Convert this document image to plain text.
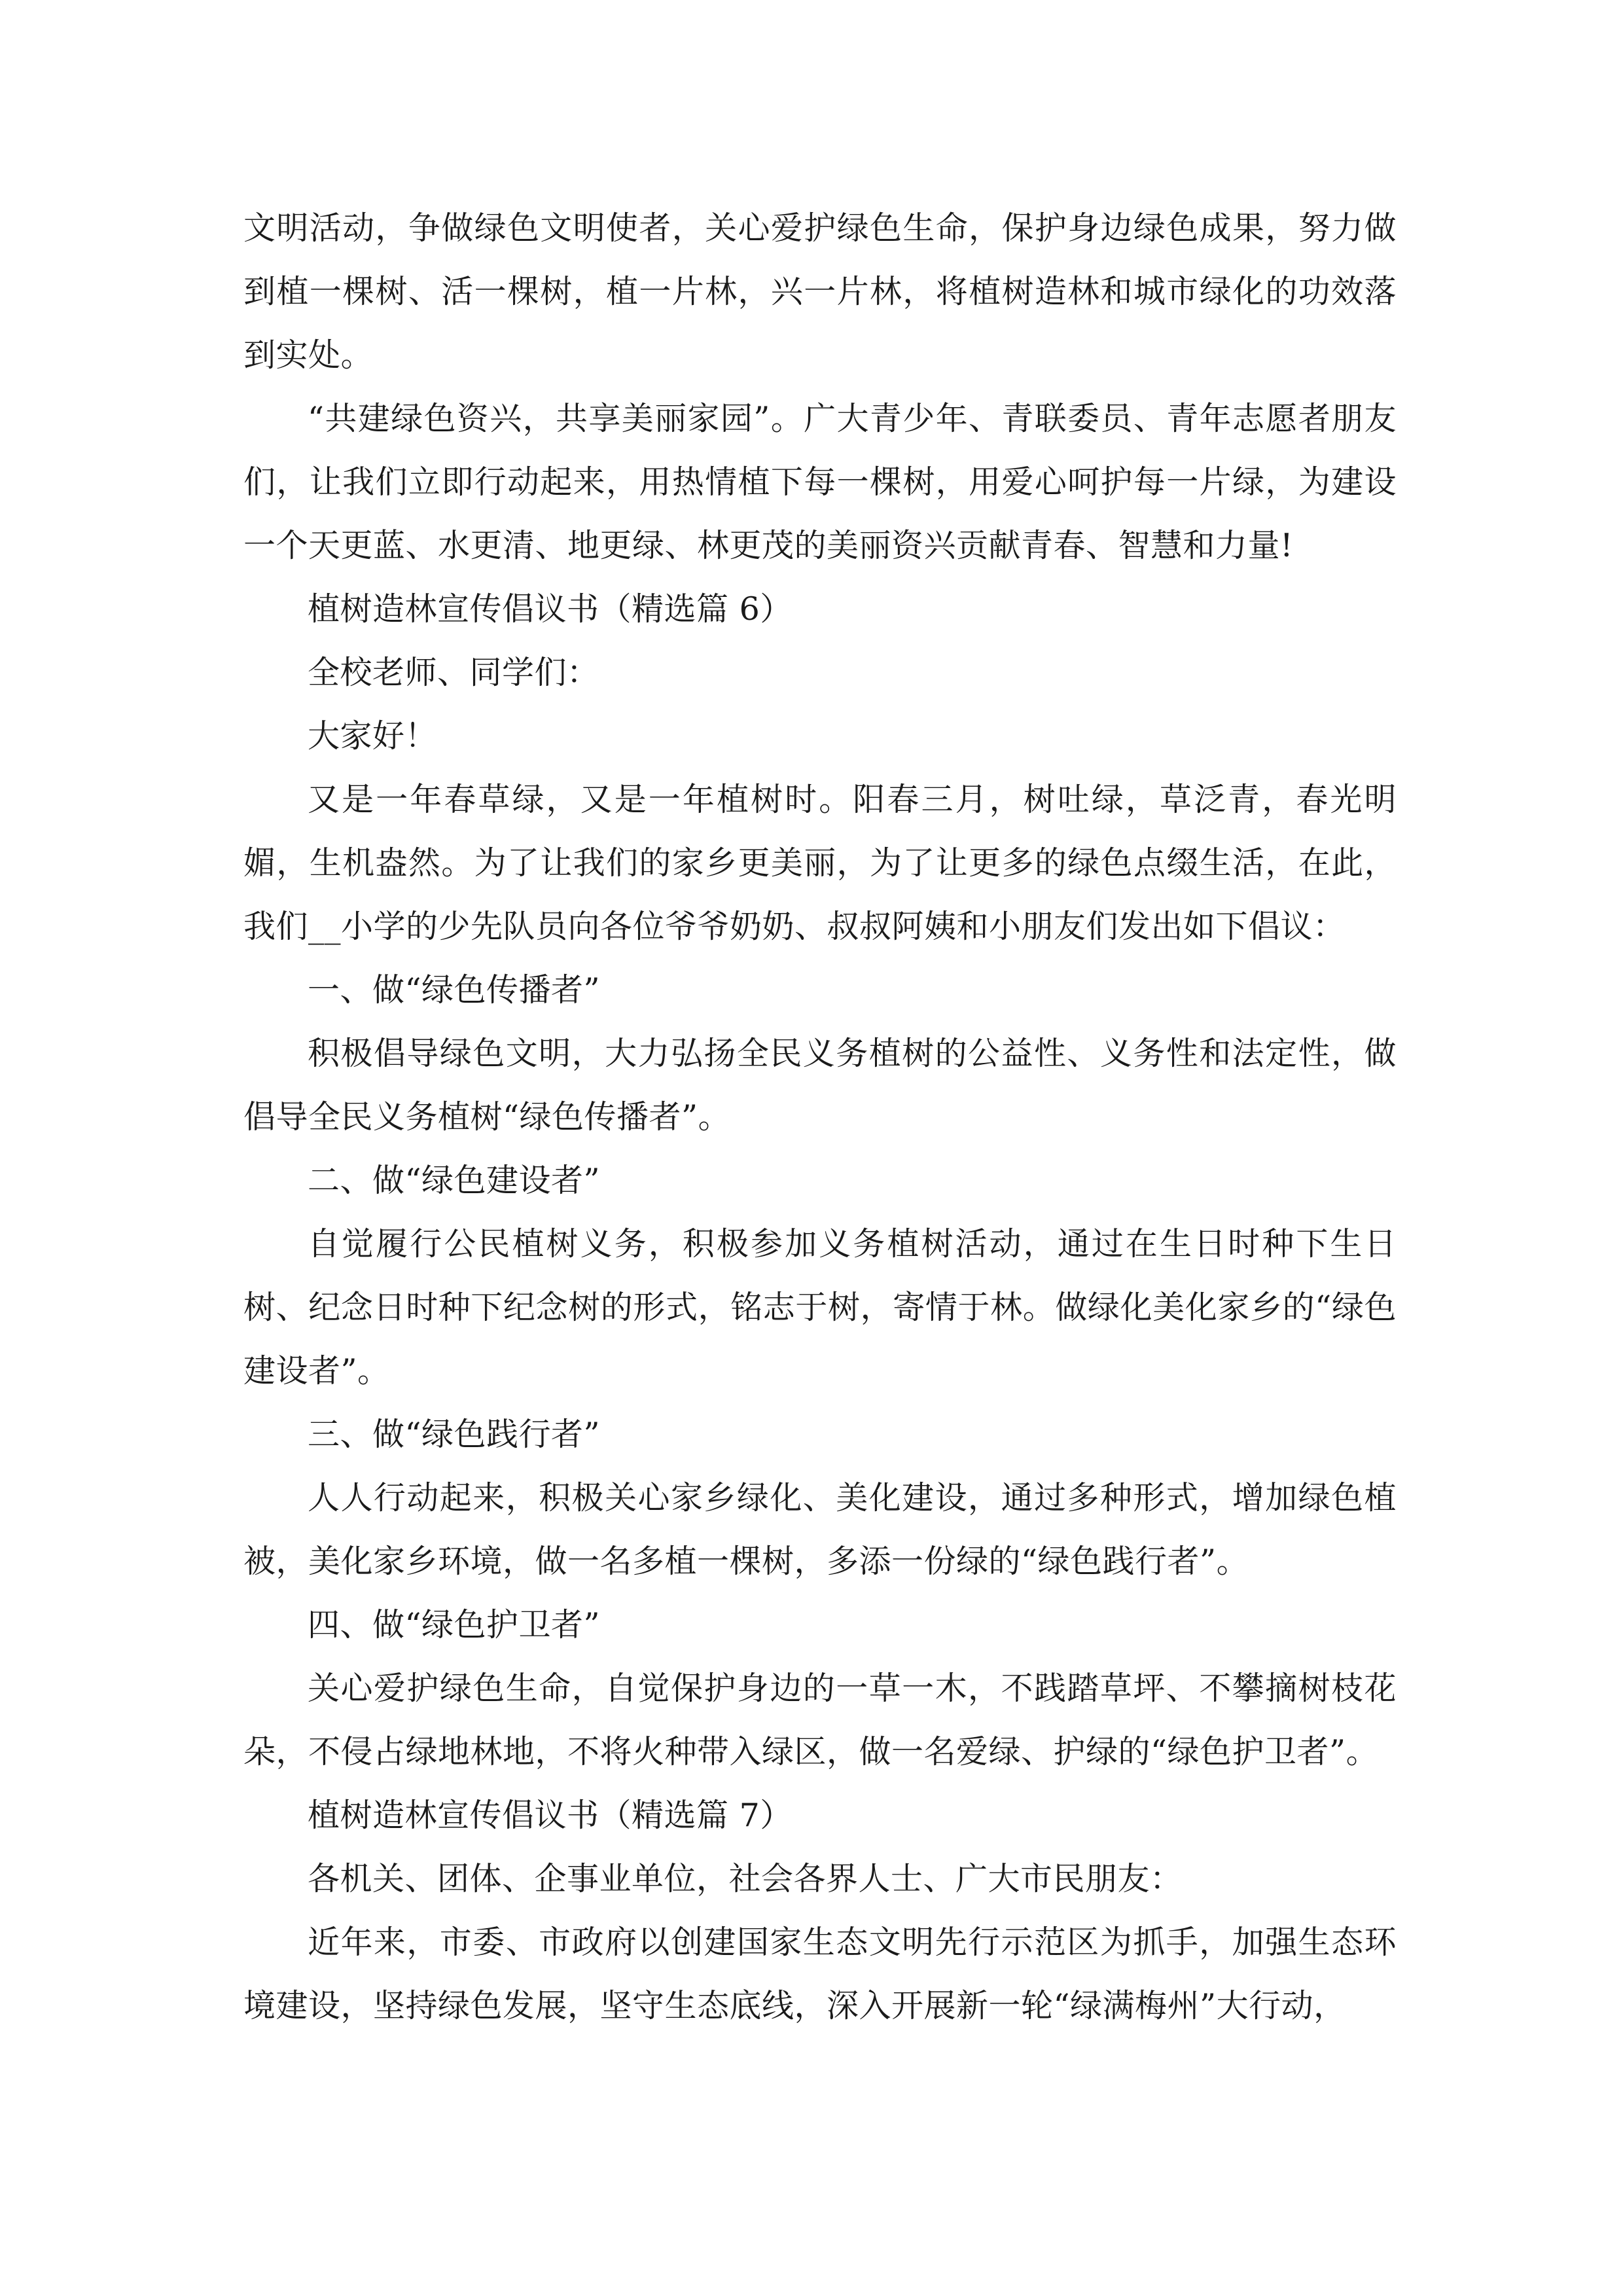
文明活动，争做绿色文明使者，关心爱护绿色生命，保护身边绿色成果，努力做到植一棵树、活一棵树，植一片林，兴一片林，将植树造林和城市绿化的功效落到实处。

“共建绿色资兴，共享美丽家园”。广大青少年、青联委员、青年志愿者朋友们，让我们立即行动起来，用热情植下每一棵树，用爱心呵护每一片绿，为建设一个天更蓝、水更清、地更绿、林更茂的美丽资兴贡献青春、智慧和力量!

植树造林宣传倡议书（精选篇 6）

全校老师、同学们：

大家好！

又是一年春草绿，又是一年植树时。阳春三月，树吐绿，草泛青，春光明媚，生机盎然。为了让我们的家乡更美丽，为了让更多的绿色点缀生活，在此，我们__小学的少先队员向各位爷爷奶奶、叔叔阿姨和小朋友们发出如下倡议：

一、做“绿色传播者”

积极倡导绿色文明，大力弘扬全民义务植树的公益性、义务性和法定性，做倡导全民义务植树“绿色传播者”。

二、做“绿色建设者”

自觉履行公民植树义务，积极参加义务植树活动，通过在生日时种下生日树、纪念日时种下纪念树的形式，铭志于树，寄情于林。做绿化美化家乡的“绿色建设者”。

三、做“绿色践行者”

人人行动起来，积极关心家乡绿化、美化建设，通过多种形式，增加绿色植被，美化家乡环境，做一名多植一棵树，多添一份绿的“绿色践行者”。

四、做“绿色护卫者”

关心爱护绿色生命，自觉保护身边的一草一木，不践踏草坪、不攀摘树枝花朵，不侵占绿地林地，不将火种带入绿区，做一名爱绿、护绿的“绿色护卫者”。

植树造林宣传倡议书（精选篇 7）

各机关、团体、企事业单位，社会各界人士、广大市民朋友：

近年来，市委、市政府以创建国家生态文明先行示范区为抓手，加强生态环境建设，坚持绿色发展，坚守生态底线，深入开展新一轮“绿满梅州”大行动，
